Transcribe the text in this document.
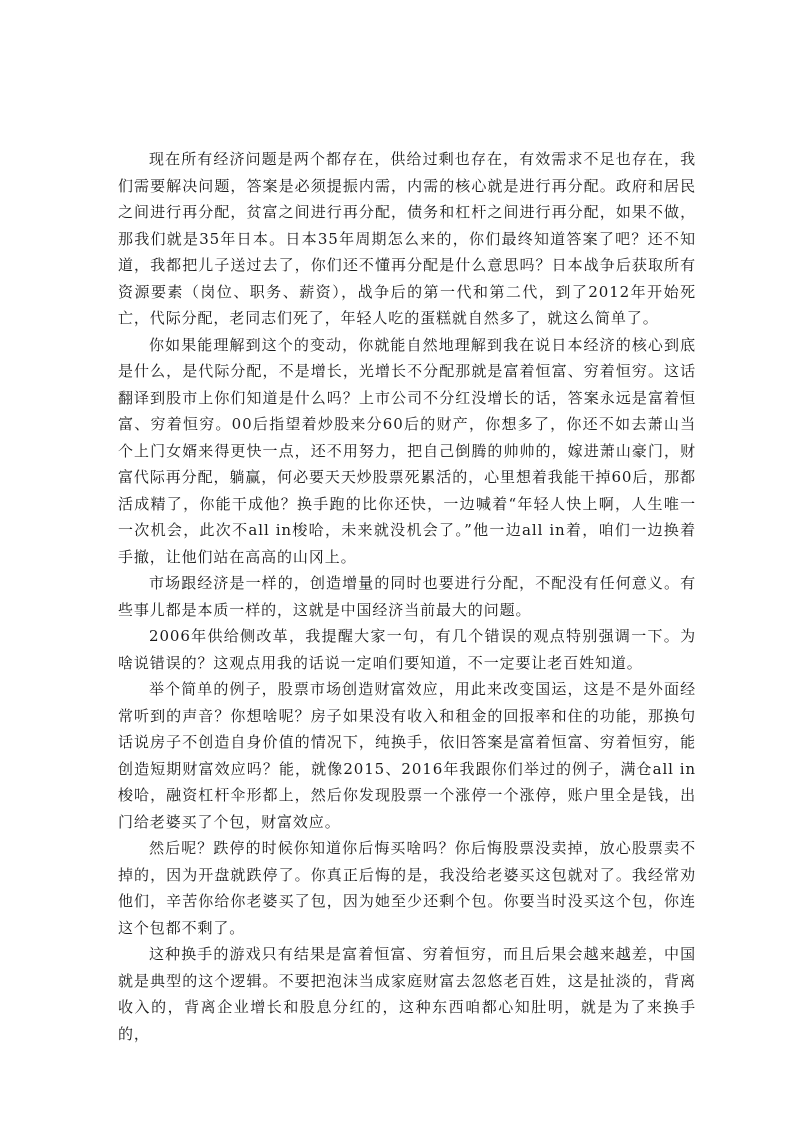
现在所有经济问题是两个都存在，供给过剩也存在，有效需求不足也存在，我们需要解决问题，答案是必须提振内需，内需的核心就是进行再分配。政府和居民之间进行再分配，贫富之间进行再分配，债务和杠杆之间进行再分配，如果不做，那我们就是35年日本。日本35年周期怎么来的，你们最终知道答案了吧？还不知道，我都把儿子送过去了，你们还不懂再分配是什么意思吗？日本战争后获取所有资源要素（岗位、职务、薪资），战争后的第一代和第二代，到了2012年开始死亡，代际分配，老同志们死了，年轻人吃的蛋糕就自然多了，就这么简单了。

你如果能理解到这个的变动，你就能自然地理解到我在说日本经济的核心到底是什么，是代际分配，不是增长，光增长不分配那就是富着恒富、穷着恒穷。这话翻译到股市上你们知道是什么吗？上市公司不分红没增长的话，答案永远是富着恒富、穷着恒穷。00后指望着炒股来分60后的财产，你想多了，你还不如去萧山当个上门女婿来得更快一点，还不用努力，把自己倒腾的帅帅的，嫁进萧山豪门，财富代际再分配，躺赢，何必要天天炒股票死累活的，心里想着我能干掉60后，那都活成精了，你能干成他？换手跑的比你还快，一边喊着“年轻人快上啊，人生唯一一次机会，此次不all in梭哈，未来就没机会了。”他一边all in着，咱们一边换着手撤，让他们站在高高的山冈上。

市场跟经济是一样的，创造增量的同时也要进行分配，不配没有任何意义。有些事儿都是本质一样的，这就是中国经济当前最大的问题。

2006年供给侧改革，我提醒大家一句，有几个错误的观点特别强调一下。为啥说错误的？这观点用我的话说一定咱们要知道，不一定要让老百姓知道。

举个简单的例子，股票市场创造财富效应，用此来改变国运，这是不是外面经常听到的声音？你想啥呢？房子如果没有收入和租金的回报率和住的功能，那换句话说房子不创造自身价值的情况下，纯换手，依旧答案是富着恒富、穷着恒穷，能创造短期财富效应吗？能，就像2015、2016年我跟你们举过的例子，满仓all in梭哈，融资杠杆伞形都上，然后你发现股票一个涨停一个涨停，账户里全是钱，出门给老婆买了个包，财富效应。

然后呢？跌停的时候你知道你后悔买啥吗？你后悔股票没卖掉，放心股票卖不掉的，因为开盘就跌停了。你真正后悔的是，我没给老婆买这包就对了。我经常劝他们，辛苦你给你老婆买了包，因为她至少还剩个包。你要当时没买这个包，你连这个包都不剩了。

这种换手的游戏只有结果是富着恒富、穷着恒穷，而且后果会越来越差，中国就是典型的这个逻辑。不要把泡沫当成家庭财富去忽悠老百姓，这是扯淡的，背离收入的，背离企业增长和股息分红的，这种东西咱都心知肚明，就是为了来换手的，
